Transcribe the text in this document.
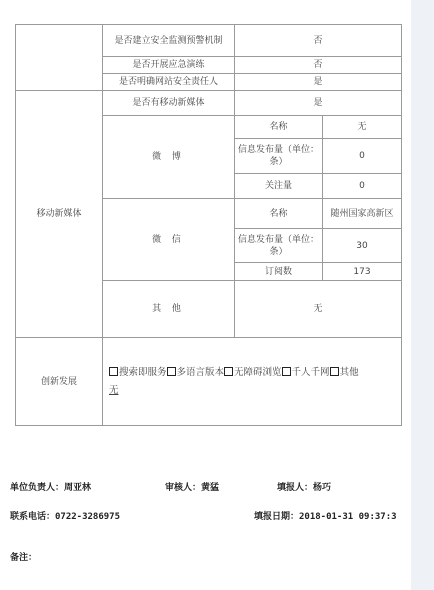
	是否建立安全监测预警机制	否	
	是否开展应急演练	否	
	是否明确网站安全责任人	是	
移动新媒体	是否有移动新媒体	是	
	微 博	名称	无
		信息发布量（单位：条）	0
		关注量	0
	微 信	名称	随州国家高新区
		信息发布量（单位：条）	30
		订阅数	173
	其 他	无	
创新发展	搜索即服务 多语言版本 无障碍浏览 千人千网 其他
无		
单位负责人：周亚林	审核人：黄猛	填报人：杨巧
联系电话：0722-3286975	填报日期：2018-01-31 09:37:3
备注：
